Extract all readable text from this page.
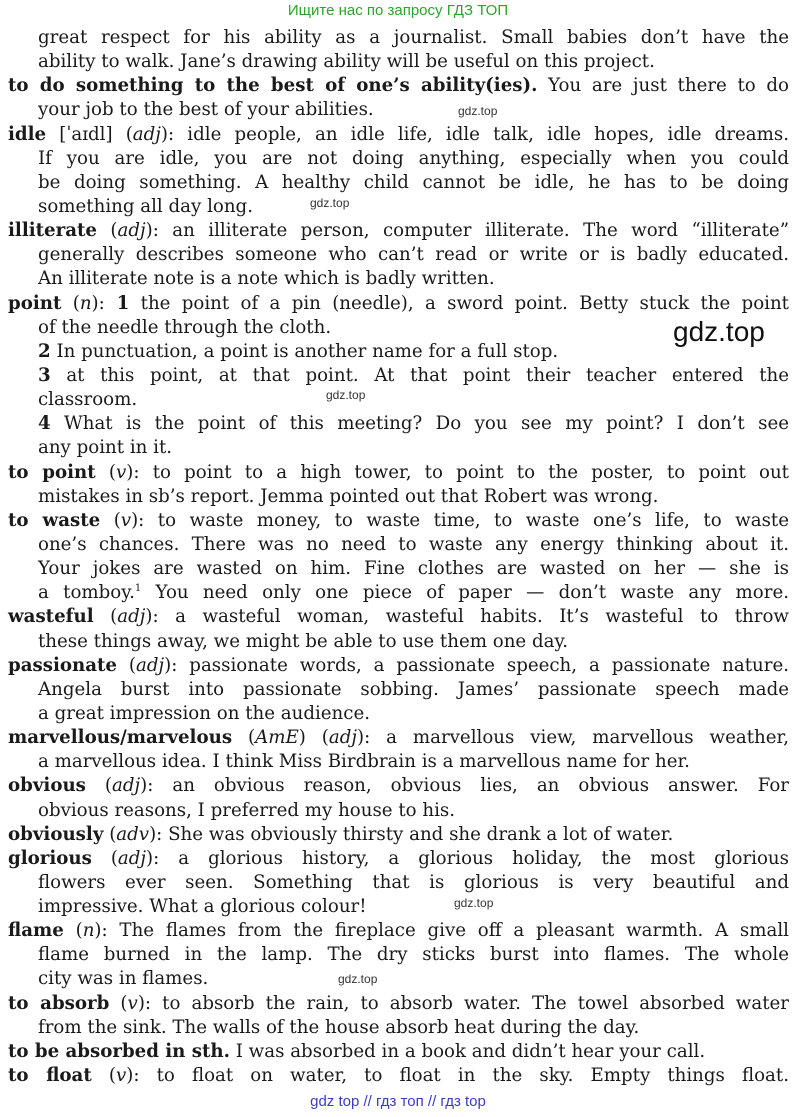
Ищите нас по запросу ГДЗ ТОП
great respect for his ability as a journalist. Small babies don’t have the
ability to walk. Jane’s drawing ability will be useful on this project.
to do something to the best of one’s ability(ies). You are just there to do
your job to the best of your abilities.
idle [ˈaɪdl] (adj): idle people, an idle life, idle talk, idle hopes, idle dreams.
If you are idle, you are not doing anything, especially when you could
be doing something. A healthy child cannot be idle, he has to be doing
something all day long.
illiterate (adj): an illiterate person, computer illiterate. The word “illiterate”
generally describes someone who can’t read or write or is badly educated.
An illiterate note is a note which is badly written.
point (n): 1 the point of a pin (needle), a sword point. Betty stuck the point
of the needle through the cloth.
2 In punctuation, a point is another name for a full stop.
3 at this point, at that point. At that point their teacher entered the
classroom.
4 What is the point of this meeting? Do you see my point? I don’t see
any point in it.
to point (v): to point to a high tower, to point to the poster, to point out
mistakes in sb’s report. Jemma pointed out that Robert was wrong.
to waste (v): to waste money, to waste time, to waste one’s life, to waste
one’s chances. There was no need to waste any energy thinking about it.
Your jokes are wasted on him. Fine clothes are wasted on her — she is
a tomboy.$^1$ You need only one piece of paper — don’t waste any more.
wasteful (adj): a wasteful woman, wasteful habits. It’s wasteful to throw
these things away, we might be able to use them one day.
passionate (adj): passionate words, a passionate speech, a passionate nature.
Angela burst into passionate sobbing. James’ passionate speech made
a great impression on the audience.
marvellous/marvelous (AmE) (adj): a marvellous view, marvellous weather,
a marvellous idea. I think Miss Birdbrain is a marvellous name for her.
obvious (adj): an obvious reason, obvious lies, an obvious answer. For
obvious reasons, I preferred my house to his.
obviously (adv): She was obviously thirsty and she drank a lot of water.
glorious (adj): a glorious history, a glorious holiday, the most glorious
flowers ever seen. Something that is glorious is very beautiful and
impressive. What a glorious colour!
flame (n): The flames from the fireplace give off a pleasant warmth. A small
flame burned in the lamp. The dry sticks burst into flames. The whole
city was in flames.
to absorb (v): to absorb the rain, to absorb water. The towel absorbed water
from the sink. The walls of the house absorb heat during the day.
to be absorbed in sth. I was absorbed in a book and didn’t hear your call.
to float (v): to float on water, to float in the sky. Empty things float.
gdz.top
gdz.top
gdz.top
gdz.top
gdz.top
gdz.top
gdz top // гдз топ // гдз top
